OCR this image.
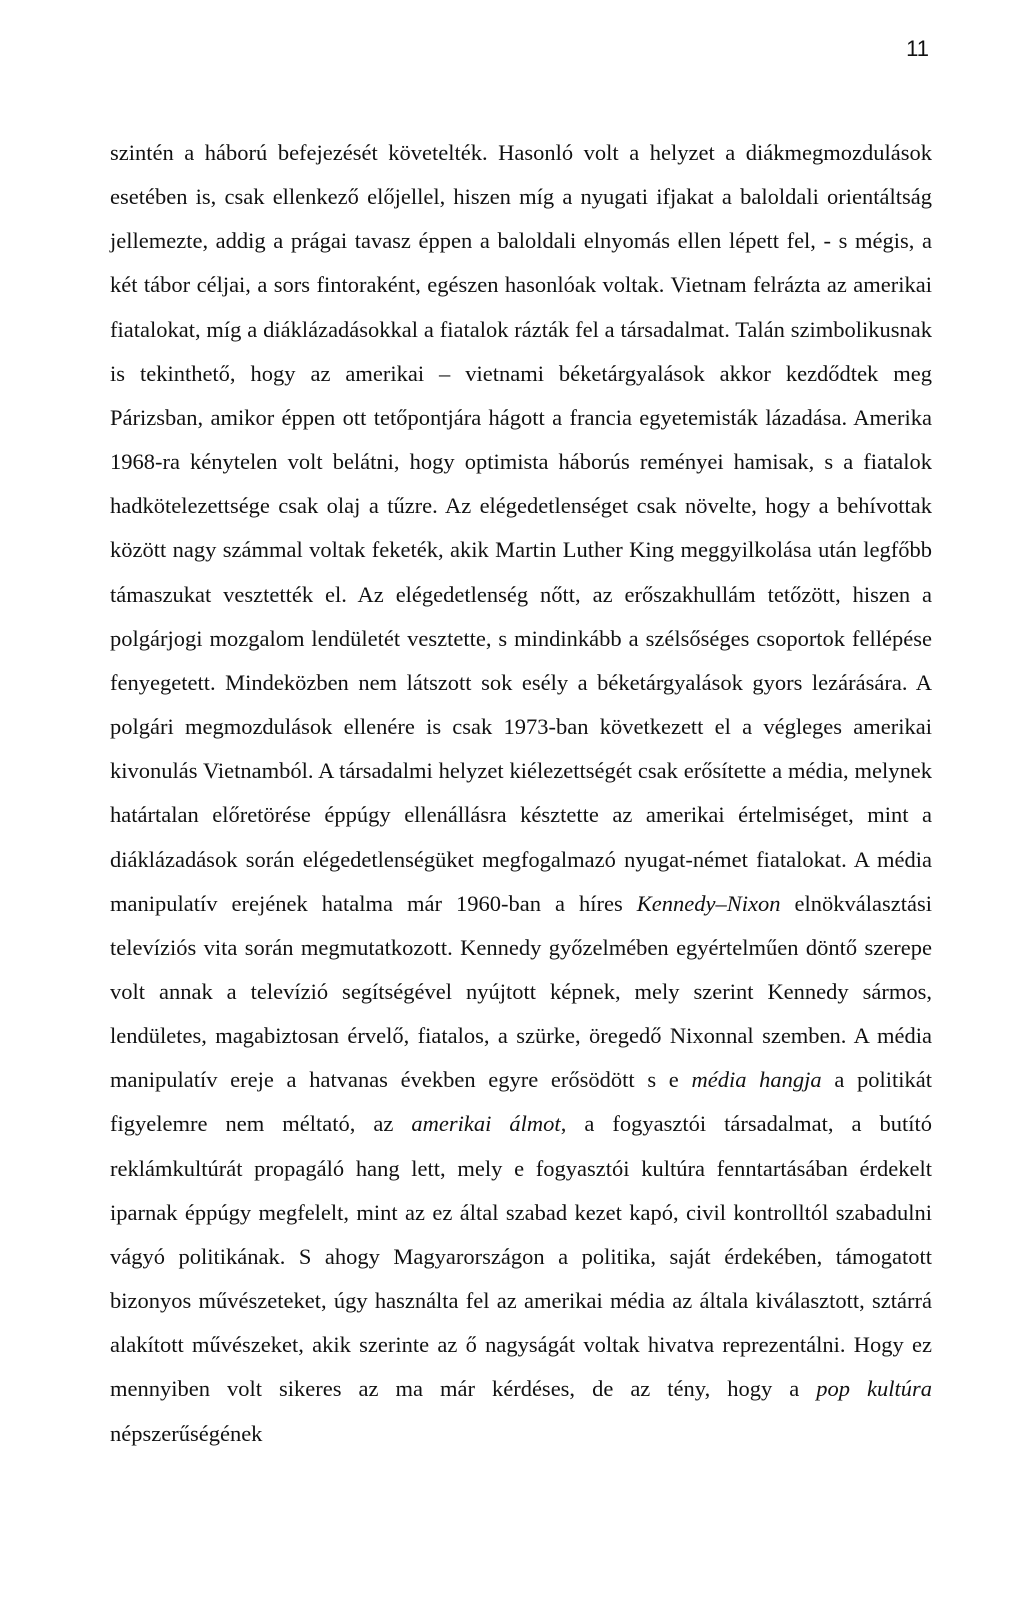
11

szintén a háború befejezését követelték. Hasonló volt a helyzet a diákmegmozdulások esetében is, csak ellenkező előjellel, hiszen míg a nyugati ifjakat a baloldali orientáltság jellemezte, addig a prágai tavasz éppen a baloldali elnyomás ellen lépett fel, - s mégis, a két tábor céljai, a sors fintoraként, egészen hasonlóak voltak. Vietnam felrázta az amerikai fiatalokat, míg a diáklázadásokkal a fiatalok rázták fel a társadalmat. Talán szimbolikusnak is tekinthető, hogy az amerikai – vietnami béketárgyalások akkor kezdődtek meg Párizsban, amikor éppen ott tetőpontjára hágott a francia egyetemisták lázadása. Amerika 1968-ra kénytelen volt belátni, hogy optimista háborús reményei hamisak, s a fiatalok hadkötelezettsége csak olaj a tűzre. Az elégedetlenséget csak növelte, hogy a behívottak között nagy számmal voltak feketék, akik Martin Luther King meggyilkolása után legfőbb támaszukat vesztették el. Az elégedetlenség nőtt, az erőszakhullám tetőzött, hiszen a polgárjogi mozgalom lendületét vesztette, s mindinkább a szélsőséges csoportok fellépése fenyegetett. Mindeközben nem látszott sok esély a béketárgyalások gyors lezárására. A polgári megmozdulások ellenére is csak 1973-ban következett el a végleges amerikai kivonulás Vietnamból. A társadalmi helyzet kiélezettségét csak erősítette a média, melynek határtalan előretörése éppúgy ellenállásra késztette az amerikai értelmiséget, mint a diáklázadások során elégedetlenségüket megfogalmazó nyugat-német fiatalokat. A média manipulatív erejének hatalma már 1960-ban a híres Kennedy–Nixon elnökválasztási televíziós vita során megmutatkozott. Kennedy győzelmében egyértelműen döntő szerepe volt annak a televízió segítségével nyújtott képnek, mely szerint Kennedy sármos, lendületes, magabiztosan érvelő, fiatalos, a szürke, öregedő Nixonnal szemben. A média manipulatív ereje a hatvanas években egyre erősödött s e média hangja a politikát figyelemre nem méltató, az amerikai álmot, a fogyasztói társadalmat, a butító reklámkultúrát propagáló hang lett, mely e fogyasztói kultúra fenntartásában érdekelt iparnak éppúgy megfelelt, mint az ez által szabad kezet kapó, civil kontrolltól szabadulni vágyó politikának. S ahogy Magyarországon a politika, saját érdekében, támogatott bizonyos művészeteket, úgy használta fel az amerikai média az általa kiválasztott, sztárrá alakított művészeket, akik szerinte az ő nagyságát voltak hivatva reprezentálni. Hogy ez mennyiben volt sikeres az ma már kérdéses, de az tény, hogy a pop kultúra népszerűségének
